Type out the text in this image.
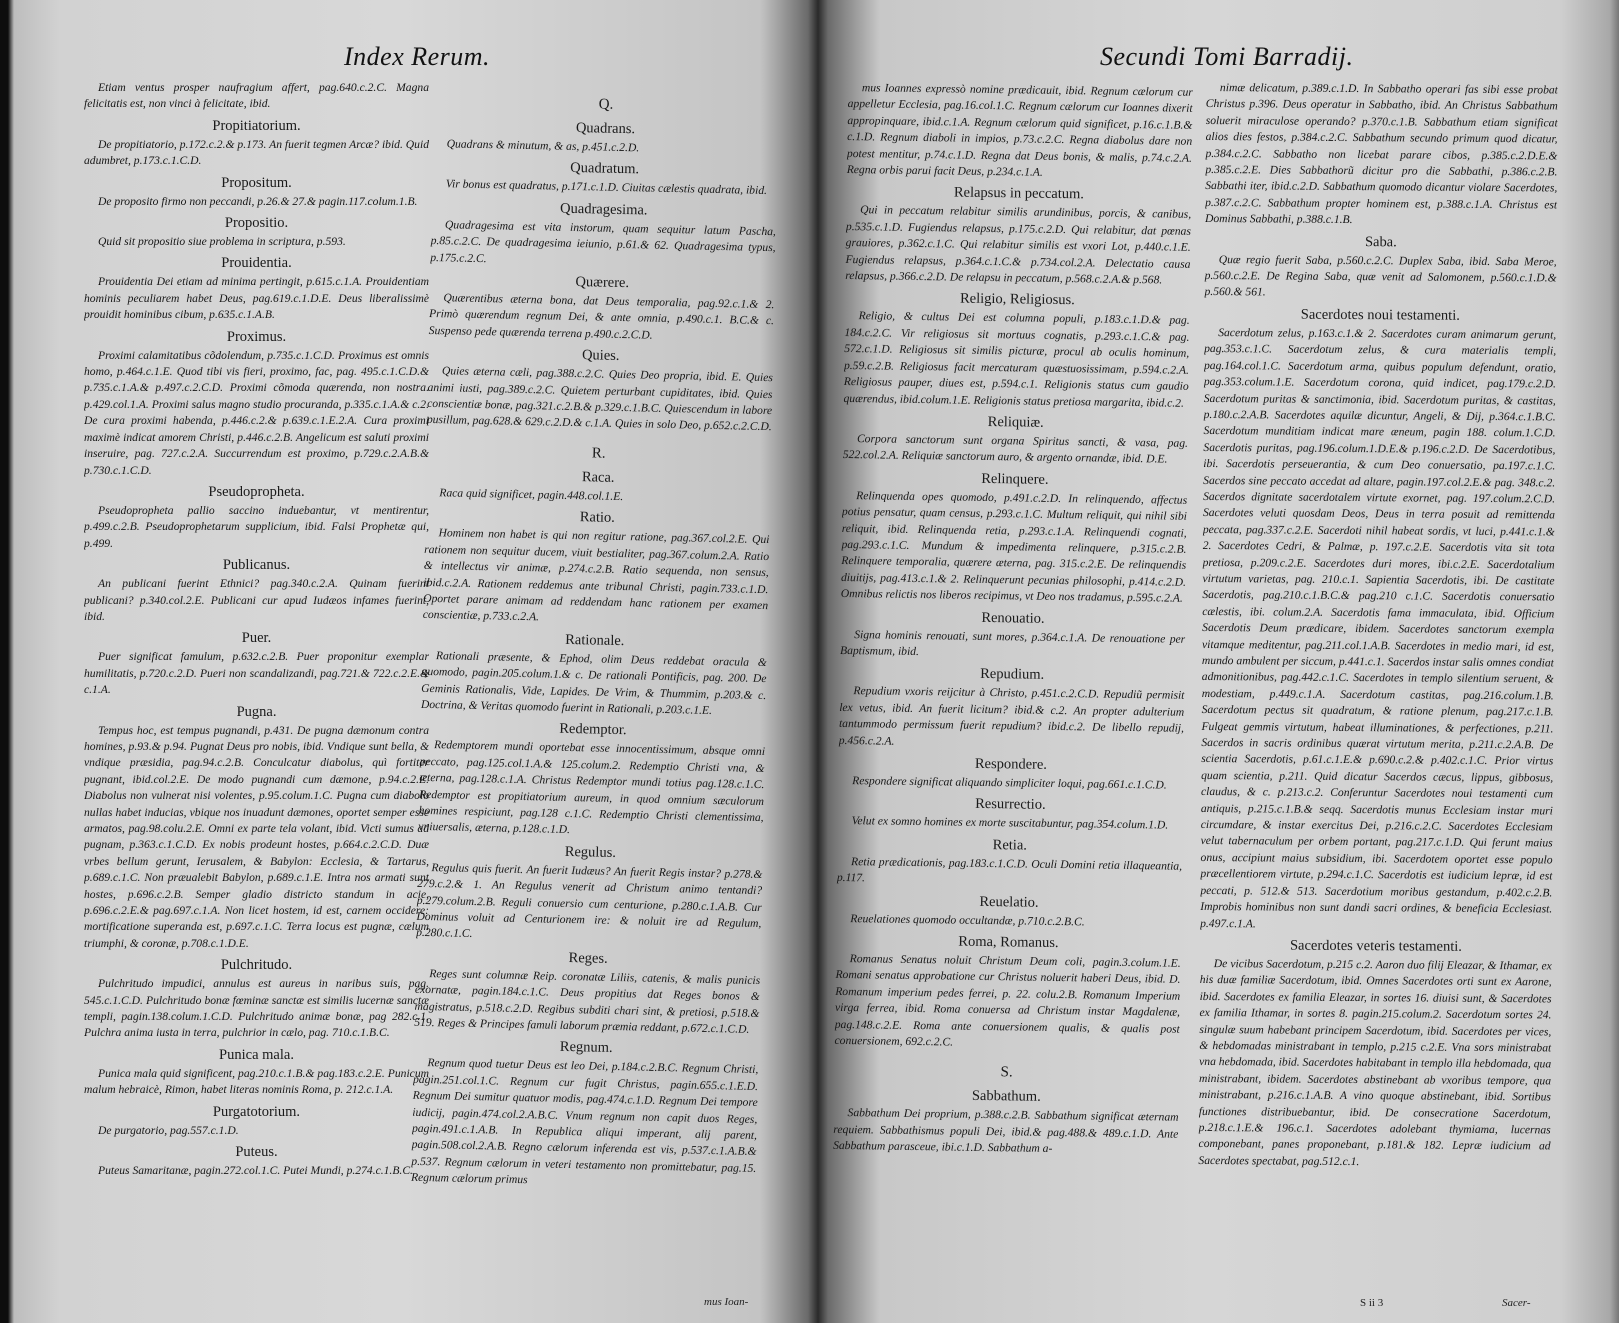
Index Rerum.

Etiam ventus prosper naufragium affert, pag.640.c.2.C. Magna felicitatis est, non vinci à felicitate, ibid.

Propitiatorium.

De propitiatorio, p.172.c.2.& p.173. An fuerit tegmen Arcæ? ibid. Quid adumbret, p.173.c.1.C.D.

Propositum.

De proposito firmo non peccandi, p.26.& 27.& pagin.117.colum.1.B.

Propositio.

Quid sit propositio siue problema in scriptura, p.593.

Prouidentia.

Prouidentia Dei etiam ad minima pertingit, p.615.c.1.A. Prouidentiam hominis peculiarem habet Deus, pag.619.c.1.D.E. Deus liberalissimè prouidit hominibus cibum, p.635.c.1.A.B.

Proximus.

Proximi calamitatibus cõdolendum, p.735.c.1.C.D. Proximus est omnis homo, p.464.c.1.E. Quod tibi vis fieri, proximo, fac, pag. 495.c.1.C.D.& p.735.c.1.A.& p.497.c.2.C.D. Proximi cõmoda quærenda, non nostra. p.429.col.1.A. Proximi salus magno studio procuranda, p.335.c.1.A.& c.2. De cura proximi habenda, p.446.c.2.& p.639.c.1.E.2.A. Cura proximi maximè indicat amorem Christi, p.446.c.2.B. Angelicum est saluti proximi inseruire, pag. 727.c.2.A. Succurrendum est proximo, p.729.c.2.A.B.& p.730.c.1.C.D.

Pseudopropheta.

Pseudopropheta pallio saccino induebantur, vt mentirentur, p.499.c.2.B. Pseudoprophetarum supplicium, ibid. Falsi Prophetæ qui, p.499.

Publicanus.

An publicani fuerint Ethnici? pag.340.c.2.A. Quinam fuerint publicani? p.340.col.2.E. Publicani cur apud Iudæos infames fuerint, ibid.

Puer.

Puer significat famulum, p.632.c.2.B. Puer proponitur exemplar humilitatis, p.720.c.2.D. Pueri non scandalizandi, pag.721.& 722.c.2.E.& c.1.A.

Pugna.

Tempus hoc, est tempus pugnandi, p.431. De pugna dæmonum contra homines, p.93.& p.94. Pugnat Deus pro nobis, ibid. Vndique sunt bella, & vndique præsidia, pag.94.c.2.B. Conculcatur diabolus, quì fortiter pugnant, ibid.col.2.E. De modo pugnandi cum dæmone, p.94.c.2.E. Diabolus non vulnerat nisi volentes, p.95.colum.1.C. Pugna cum diabolo nullas habet inducias, vbique nos inuadunt dæmones, oportet semper esse armatos, pag.98.colu.2.E. Omni ex parte tela volant, ibid. Victi sumus ad pugnam, p.363.c.1.C.D. Ex nobis prodeunt hostes, p.664.c.2.C.D. Duæ vrbes bellum gerunt, Ierusalem, & Babylon: Ecclesia, & Tartarus, p.689.c.1.C. Non præualebit Babylon, p.689.c.1.E. Intra nos armati sunt hostes, p.696.c.2.B. Semper gladio districto standum in acie, p.696.c.2.E.& pag.697.c.1.A. Non licet hostem, id est, carnem occidere: mortificatione superanda est, p.697.c.1.C. Terra locus est pugnæ, cælum triumphi, & coronæ, p.708.c.1.D.E.

Pulchritudo.

Pulchritudo impudici, annulus est aureus in naribus suis, pag. 545.c.1.C.D. Pulchritudo bonæ fœminæ sanctæ est similis lucernæ sanctæ templi, pagin.138.colum.1.C.D. Pulchritudo animæ bonæ, pag 282.c.1. Pulchra anima iusta in terra, pulchrior in cælo, pag. 710.c.1.B.C.

Punica mala.

Punica mala quid significent, pag.210.c.1.B.& pag.183.c.2.E. Punicum malum hebraicè, Rimon, habet literas nominis Roma, p. 212.c.1.A.

Purgatotorium.

De purgatorio, pag.557.c.1.D.

Puteus.

Puteus Samaritanæ, pagin.272.col.1.C. Putei Mundi, p.274.c.1.B.C.

Q.
Quadrans.

Quadrans & minutum, & as, p.451.c.2.D.

Quadratum.

Vir bonus est quadratus, p.171.c.1.D. Ciuitas cælestis quadrata, ibid.

Quadragesima.

Quadragesima est vita instorum, quam sequitur latum Pascha, p.85.c.2.C. De quadragesima ieiunio, p.61.& 62. Quadragesima typus, p.175.c.2.C.

Quærere.

Quærentibus æterna bona, dat Deus temporalia, pag.92.c.1.& 2. Primò quærendum regnum Dei, & ante omnia, p.490.c.1. B.C.& c. Suspenso pede quærenda terrena p.490.c.2.C.D.

Quies.

Quies æterna cæli, pag.388.c.2.C. Quies Deo propria, ibid. E. Quies animi iusti, pag.389.c.2.C. Quietem perturbant cupiditates, ibid. Quies conscientiæ bonæ, pag.321.c.2.B.& p.329.c.1.B.C. Quiescendum in labore pusillum, pag.628.& 629.c.2.D.& c.1.A. Quies in solo Deo, p.652.c.2.C.D.

R.
Raca.

Raca quid significet, pagin.448.col.1.E.

Ratio.

Hominem non habet is qui non regitur ratione, pag.367.col.2.E. Qui rationem non sequitur ducem, viuit bestialiter, pag.367.colum.2.A. Ratio & intellectus vir animæ, p.274.c.2.B. Ratio sequenda, non sensus, ibid.c.2.A. Rationem reddemus ante tribunal Christi, pagin.733.c.1.D. Oportet parare animam ad reddendam hanc rationem per examen conscientiæ, p.733.c.2.A.

Rationale.

Rationali præsente, & Ephod, olim Deus reddebat oracula & quomodo, pagin.205.colum.1.& c. De rationali Pontificis, pag. 200. De Geminis Rationalis, Vide, Lapides. De Vrim, & Thummim, p.203.& c. Doctrina, & Veritas quomodo fuerint in Rationali, p.203.c.1.E.

Redemptor.

Redemptorem mundi oportebat esse innocentissimum, absque omni peccato, pag.125.col.1.A.& 125.colum.2. Redemptio Christi vna, & æterna, pag.128.c.1.A. Christus Redemptor mundi totius pag.128.c.1.C. Redemptor est propitiatorium aureum, in quod omnium sæculorum homines respiciunt, pag.128 c.1.C. Redemptio Christi clementissima, vniuersalis, æterna, p.128.c.1.D.

Regulus.

Regulus quis fuerit. An fuerit Iudæus? An fuerit Regis instar? p.278.& 279.c.2.& 1. An Regulus venerit ad Christum animo tentandi? p.279.colum.2.B. Reguli conuersio cum centurione, p.280.c.1.A.B. Cur Dominus voluit ad Centurionem ire: & noluit ire ad Regulum, p.280.c.1.C.

Reges.

Reges sunt columnæ Reip. coronatæ Liliis, catenis, & malis punicis exornatæ, pagin.184.c.1.C. Deus propitius dat Reges bonos & magistratus, p.518.c.2.D. Regibus subditi chari sint, & pretiosi, p.518.& 519. Reges & Principes famuli laborum præmia reddant, p.672.c.1.C.D.

Regnum.

Regnum quod tuetur Deus est leo Dei, p.184.c.2.B.C. Regnum Christi, pagin.251.col.1.C. Regnum cur fugit Christus, pagin.655.c.1.E.D. Regnum Dei sumitur quatuor modis, pag.474.c.1.D. Regnum Dei tempore iudicij, pagin.474.col.2.A.B.C. Vnum regnum non capit duos Reges, pagin.491.c.1.A.B. In Republica aliqui imperant, alij parent, pagin.508.col.2.A.B. Regno cælorum inferenda est vis, p.537.c.1.A.B.& p.537. Regnum cælorum in veteri testamento non promittebatur, pag.15. Regnum cælorum primus

mus Ioan-
Secundi Tomi Barradij.

mus Ioannes expressò nomine prædicauit, ibid. Regnum cælorum cur appelletur Ecclesia, pag.16.col.1.C. Regnum cælorum cur Ioannes dixerit appropinquare, ibid.c.1.A. Regnum cælorum quid significet, p.16.c.1.B.& c.1.D. Regnum diaboli in impios, p.73.c.2.C. Regna diabolus dare non potest mentitur, p.74.c.1.D. Regna dat Deus bonis, & malis, p.74.c.2.A. Regna orbis parui facit Deus, p.234.c.1.A.

Relapsus in peccatum.

Qui in peccatum relabitur similis arundinibus, porcis, & canibus, p.535.c.1.D. Fugiendus relapsus, p.175.c.2.D. Qui relabitur, dat pœnas grauiores, p.362.c.1.C. Qui relabitur similis est vxori Lot, p.440.c.1.E. Fugiendus relapsus, p.364.c.1.C.& p.734.col.2.A. Delectatio causa relapsus, p.366.c.2.D. De relapsu in peccatum, p.568.c.2.A.& p.568.

Religio, Religiosus.

Religio, & cultus Dei est columna populi, p.183.c.1.D.& pag. 184.c.2.C. Vir religiosus sit mortuus cognatis, p.293.c.1.C.& pag. 572.c.1.D. Religiosus sit similis picturæ, procul ab oculis hominum, p.59.c.2.B. Religiosus facit mercaturam quæstuosissimam, p.594.c.2.A. Religiosus pauper, diues est, p.594.c.1. Religionis status cum gaudio quærendus, ibid.colum.1.E. Religionis status pretiosa margarita, ibid.c.2.

Reliquiæ.

Corpora sanctorum sunt organa Spiritus sancti, & vasa, pag. 522.col.2.A. Reliquiæ sanctorum auro, & argento ornandæ, ibid. D.E.

Relinquere.

Relinquenda opes quomodo, p.491.c.2.D. In relinquendo, affectus potius pensatur, quam census, p.293.c.1.C. Multum reliquit, qui nihil sibi reliquit, ibid. Relinquenda retia, p.293.c.1.A. Relinquendi cognati, pag.293.c.1.C. Mundum & impedimenta relinquere, p.315.c.2.B. Relinquere temporalia, quærere æterna, pag. 315.c.2.E. De relinquendis diuitijs, pag.413.c.1.& 2. Relinquerunt pecunias philosophi, p.414.c.2.D. Omnibus relictis nos liberos recipimus, vt Deo nos tradamus, p.595.c.2.A.

Renouatio.

Signa hominis renouati, sunt mores, p.364.c.1.A. De renouatione per Baptismum, ibid.

Repudium.

Repudium vxoris reijcitur à Christo, p.451.c.2.C.D. Repudiũ permisit lex vetus, ibid. An fuerit licitum? ibid.& c.2. An propter adulterium tantummodo permissum fuerit repudium? ibid.c.2. De libello repudij, p.456.c.2.A.

Respondere.

Respondere significat aliquando simpliciter loqui, pag.661.c.1.C.D.

Resurrectio.

Velut ex somno homines ex morte suscitabuntur, pag.354.colum.1.D.

Retia.

Retia prædicationis, pag.183.c.1.C.D. Oculi Domini retia illaqueantia, p.117.

Reuelatio.

Reuelationes quomodo occultandæ, p.710.c.2.B.C.

Roma, Romanus.

Romanus Senatus noluit Christum Deum coli, pagin.3.colum.1.E. Romani senatus approbatione cur Christus noluerit haberi Deus, ibid. D. Romanum imperium pedes ferrei, p. 22. colu.2.B. Romanum Imperium virga ferrea, ibid. Roma conuersa ad Christum instar Magdalenæ, pag.148.c.2.E. Roma ante conuersionem qualis, & qualis post conuersionem, 692.c.2.C.

S.
Sabbathum.

Sabbathum Dei proprium, p.388.c.2.B. Sabbathum significat æternam requiem. Sabbathismus populi Dei, ibid.& pag.488.& 489.c.1.D. Ante Sabbathum parasceue, ibi.c.1.D. Sabbathum a-

nimæ delicatum, p.389.c.1.D. In Sabbatho operari fas sibi esse probat Christus p.396. Deus operatur in Sabbatho, ibid. An Christus Sabbathum soluerit miraculose operando? p.370.c.1.B. Sabbathum etiam significat alios dies festos, p.384.c.2.C. Sabbathum secundo primum quod dicatur, p.384.c.2.C. Sabbatho non licebat parare cibos, p.385.c.2.D.E.& p.385.c.2.E. Dies Sabbathorũ dicitur pro die Sabbathi, p.386.c.2.B. Sabbathi iter, ibid.c.2.D. Sabbathum quomodo dicantur violare Sacerdotes, p.387.c.2.C. Sabbathum propter hominem est, p.388.c.1.A. Christus est Dominus Sabbathi, p.388.c.1.B.

Saba.

Quæ regio fuerit Saba, p.560.c.2.C. Duplex Saba, ibid. Saba Meroe, p.560.c.2.E. De Regina Saba, quæ venit ad Salomonem, p.560.c.1.D.& p.560.& 561.

Sacerdotes noui testamenti.

Sacerdotum zelus, p.163.c.1.& 2. Sacerdotes curam animarum gerunt, pag.353.c.1.C. Sacerdotum zelus, & cura materialis templi, pag.164.col.1.C. Sacerdotum arma, quibus populum defendunt, oratio, pag.353.colum.1.E. Sacerdotum corona, quid indicet, pag.179.c.2.D. Sacerdotum puritas & sanctimonia, ibid. Sacerdotum puritas, & castitas, p.180.c.2.A.B. Sacerdotes aquilæ dicuntur, Angeli, & Dij, p.364.c.1.B.C. Sacerdotum munditiam indicat mare æneum, pagin 188. colum.1.C.D. Sacerdotis puritas, pag.196.colum.1.D.E.& p.196.c.2.D. De Sacerdotibus, ibi. Sacerdotis perseuerantia, & cum Deo conuersatio, pa.197.c.1.C. Sacerdos sine peccato accedat ad altare, pagin.197.col.2.E.& pag. 348.c.2. Sacerdos dignitate sacerdotalem virtute exornet, pag. 197.colum.2.C.D. Sacerdotes veluti quosdam Deos, Deus in terra posuit ad remittenda peccata, pag.337.c.2.E. Sacerdoti nihil habeat sordis, vt luci, p.441.c.1.& 2. Sacerdotes Cedri, & Palmæ, p. 197.c.2.E. Sacerdotis vita sit tota pretiosa, p.209.c.2.E. Sacerdotes duri mores, ibi.c.2.E. Sacerdotalium virtutum varietas, pag. 210.c.1. Sapientia Sacerdotis, ibi. De castitate Sacerdotis, pag.210.c.1.B.C.& pag.210 c.1.C. Sacerdotis conuersatio cælestis, ibi. colum.2.A. Sacerdotis fama immaculata, ibid. Officium Sacerdotis Deum prædicare, ibidem. Sacerdotes sanctorum exempla vitamque meditentur, pag.211.col.1.A.B. Sacerdotes in medio mari, id est, mundo ambulent per siccum, p.441.c.1. Sacerdos instar salis omnes condiat admonitionibus, pag.442.c.1.C. Sacerdotes in templo silentium seruent, & modestiam, p.449.c.1.A. Sacerdotum castitas, pag.216.colum.1.B. Sacerdotum pectus sit quadratum, & ratione plenum, pag.217.c.1.B. Fulgeat gemmis virtutum, habeat illuminationes, & perfectiones, p.211. Sacerdos in sacris ordinibus quærat virtutum merita, p.211.c.2.A.B. De scientia Sacerdotis, p.61.c.1.E.& p.690.c.2.& p.402.c.1.C. Prior virtus quam scientia, p.211. Quid dicatur Sacerdos cæcus, lippus, gibbosus, claudus, & c. p.213.c.2. Conferuntur Sacerdotes noui testamenti cum antiquis, p.215.c.1.B.& seqq. Sacerdotis munus Ecclesiam instar muri circumdare, & instar exercitus Dei, p.216.c.2.C. Sacerdotes Ecclesiam velut tabernaculum per orbem portant, pag.217.c.1.D. Qui ferunt maius onus, accipiunt maius subsidium, ibi. Sacerdotem oportet esse populo præcellentiorem virtute, p.294.c.1.C. Sacerdotis est iudicium lepræ, id est peccati, p. 512.& 513. Sacerdotium moribus gestandum, p.402.c.2.B. Improbis hominibus non sunt dandi sacri ordines, & beneficia Ecclesiast. p.497.c.1.A.

Sacerdotes veteris testamenti.

De vicibus Sacerdotum, p.215 c.2. Aaron duo filij Eleazar, & Ithamar, ex his duæ familiæ Sacerdotum, ibid. Omnes Sacerdotes orti sunt ex Aarone, ibid. Sacerdotes ex familia Eleazar, in sortes 16. diuisi sunt, & Sacerdotes ex familia Ithamar, in sortes 8. pagin.215.colum.2. Sacerdotum sortes 24. singulæ suum habebant principem Sacerdotum, ibid. Sacerdotes per vices, & hebdomadas ministrabant in templo, p.215 c.2.E. Vna sors ministrabat vna hebdomada, ibid. Sacerdotes habitabant in templo illa hebdomada, qua ministrabant, ibidem. Sacerdotes abstinebant ab vxoribus tempore, qua ministrabant, p.216.c.1.A.B. A vino quoque abstinebant, ibid. Sortibus functiones distribuebantur, ibid. De consecratione Sacerdotum, p.218.c.1.E.& 196.c.1. Sacerdotes adolebant thymiama, lucernas componebant, panes proponebant, p.181.& 182. Lepræ iudicium ad Sacerdotes spectabat, pag.512.c.1.

S ii 3	Sacer-
